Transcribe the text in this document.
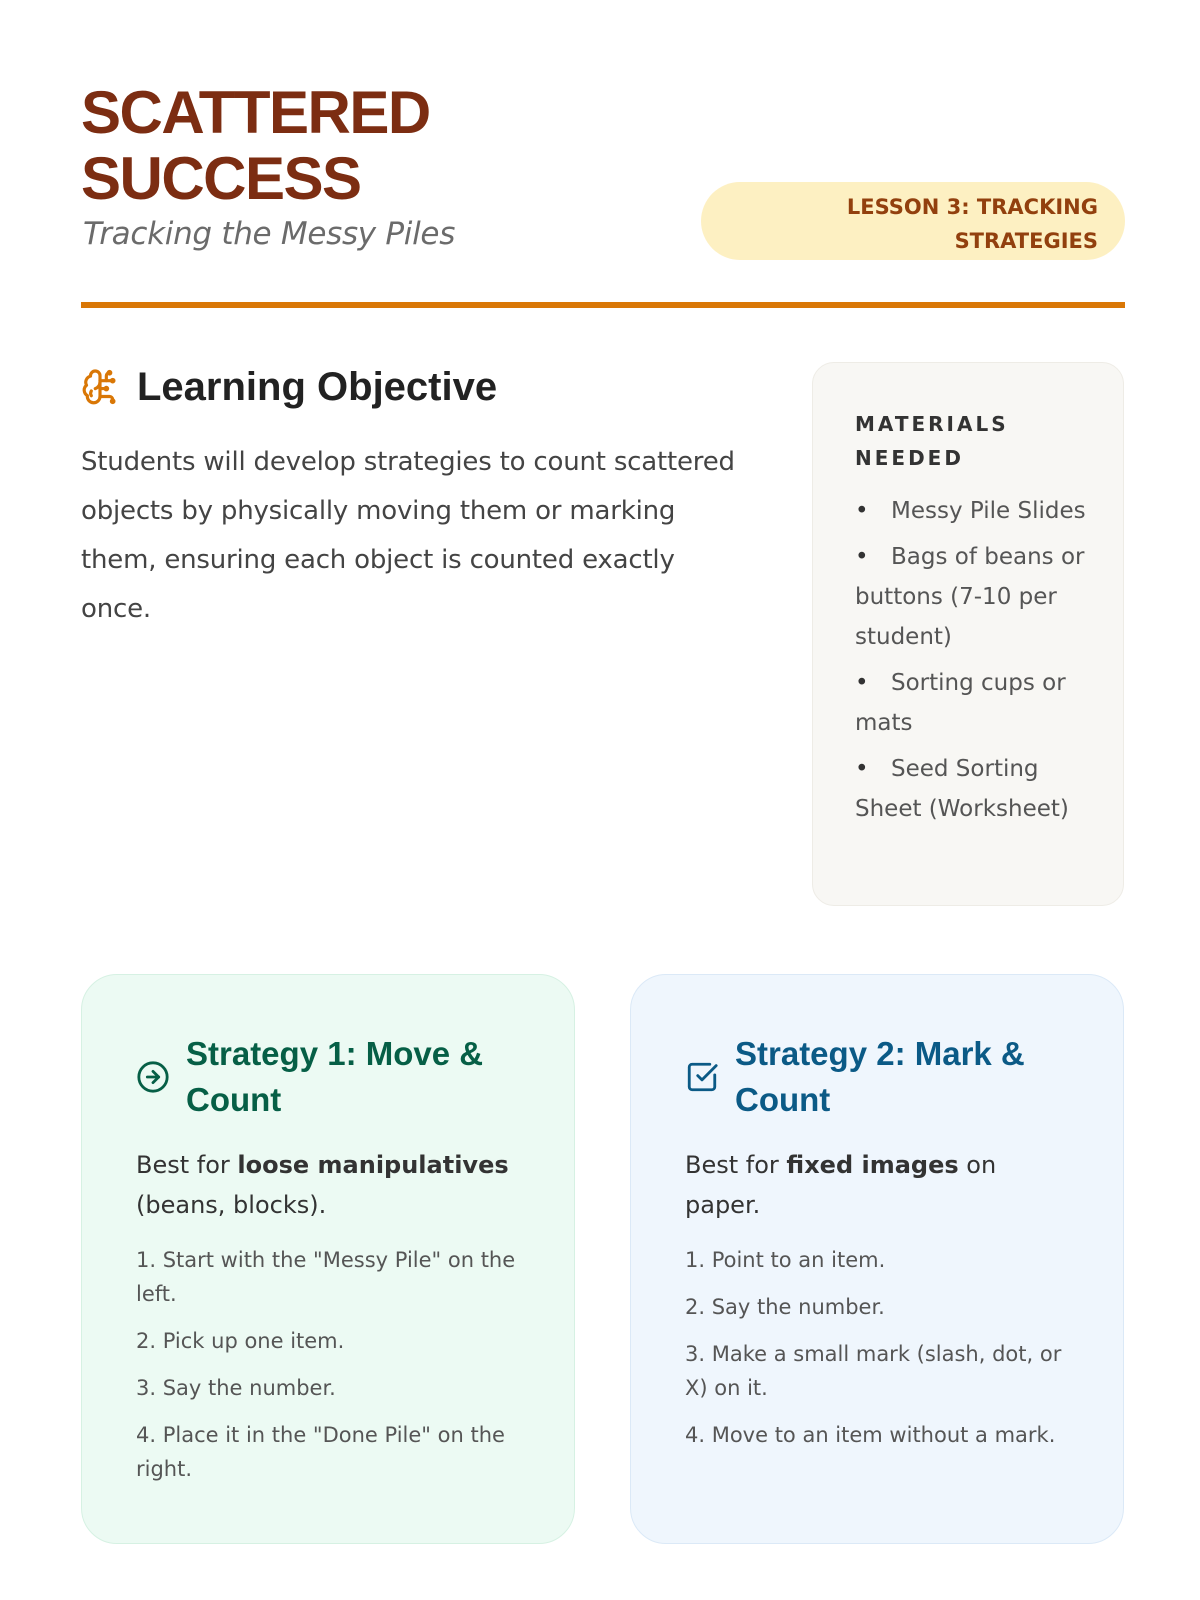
SCATTERED
SUCCESS
Tracking the Messy Piles
LESSON 3: TRACKING
STRATEGIES
Learning Objective

Students will develop strategies to count scattered objects by physically moving them or marking them, ensuring each object is counted exactly once.

MATERIALS NEEDED
• Messy Pile Slides
• Bags of beans or buttons (7-10 per student)
• Sorting cups or mats
• Seed Sorting Sheet (Worksheet)
Strategy 1: Move & Count

Best for loose manipulatives (beans, blocks).

1. Start with the "Messy Pile" on the left.
2. Pick up one item.
3. Say the number.
4. Place it in the "Done Pile" on the right.
Strategy 2: Mark & Count

Best for fixed images on paper.

1. Point to an item.
2. Say the number.
3. Make a small mark (slash, dot, or X) on it.
4. Move to an item without a mark.
